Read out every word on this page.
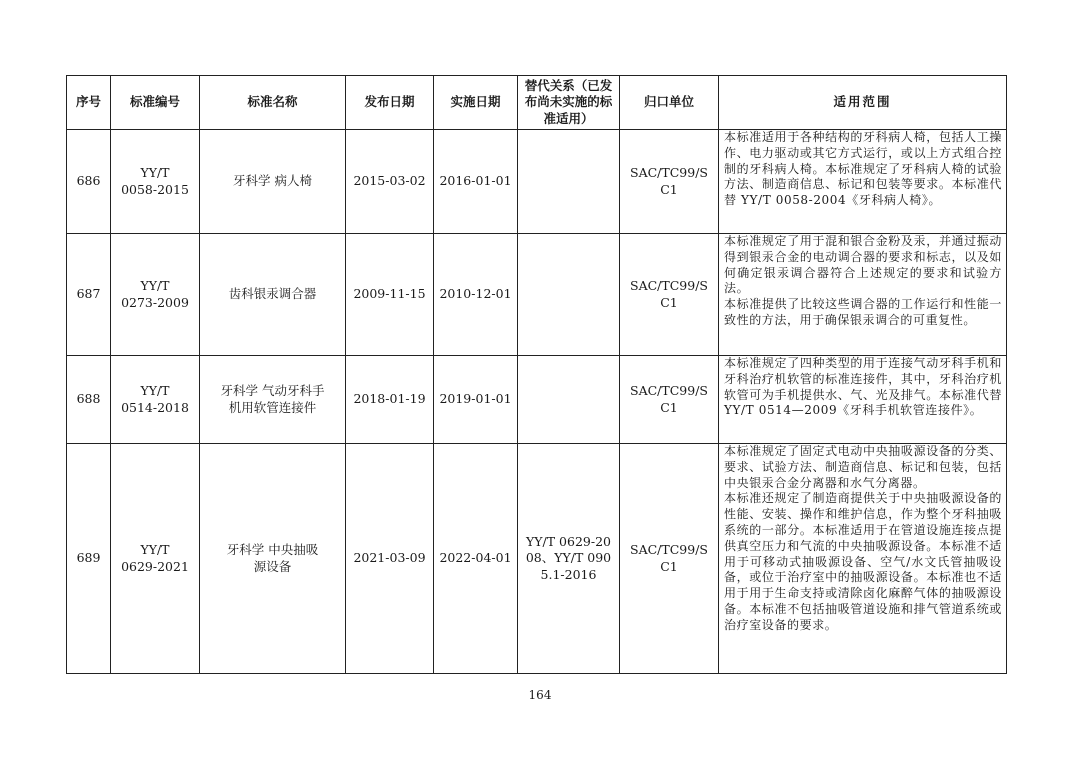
序号	标准编号	标准名称	发布日期	实施日期	替代关系（已发布尚未实施的标准适用）	归口单位	适用范围
686	YY/T 0058-2015	牙科学 病人椅	2015-03-02	2016-01-01		SAC/TC99/SC1	本标准适用于各种结构的牙科病人椅，包括人工操作、电力驱动或其它方式运行，或以上方式组合控制的牙科病人椅。本标准规定了牙科病人椅的试验方法、制造商信息、标记和包装等要求。本标准代替 YY/T 0058-2004《牙科病人椅》。

687	YY/T 0273-2009	齿科银汞调合器	2009-11-15	2010-12-01		SAC/TC99/SC1	本标准规定了用于混和银合金粉及汞，并通过振动得到银汞合金的电动调合器的要求和标志，以及如何确定银汞调合器符合上述规定的要求和试验方法。
本标准提供了比较这些调合器的工作运行和性能一致性的方法，用于确保银汞调合的可重复性。

688	YY/T 0514-2018	牙科学 气动牙科手机用软管连接件	2018-01-19	2019-01-01		SAC/TC99/SC1	本标准规定了四种类型的用于连接气动牙科手机和牙科治疗机软管的标准连接件，其中，牙科治疗机软管可为手机提供水、气、光及排气。本标准代替 YY/T 0514—2009《牙科手机软管连接件》。

689	YY/T 0629-2021	牙科学 中央抽吸源设备	2021-03-09	2022-04-01	YY/T 0629-2008、YY/T 0905.1-2016	SAC/TC99/SC1	本标准规定了固定式电动中央抽吸源设备的分类、要求、试验方法、制造商信息、标记和包装，包括中央银汞合金分离器和水气分离器。
本标准还规定了制造商提供关于中央抽吸源设备的性能、安装、操作和维护信息，作为整个牙科抽吸系统的一部分。本标准适用于在管道设施连接点提供真空压力和气流的中央抽吸源设备。本标准不适用于可移动式抽吸源设备、空气/水文氏管抽吸设备，或位于治疗室中的抽吸源设备。本标准也不适用于用于生命支持或清除卤化麻醉气体的抽吸源设备。本标准不包括抽吸管道设施和排气管道系统或治疗室设备的要求。
164
